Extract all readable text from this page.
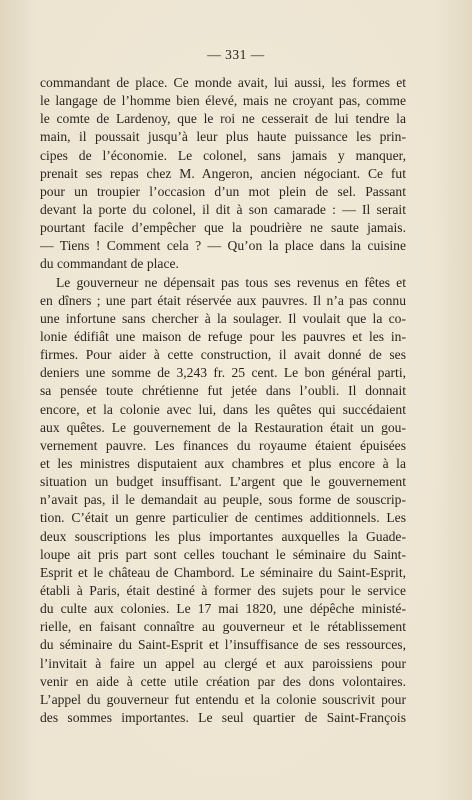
— 331 —
commandant de place. Ce monde avait, lui aussi, les formes et
le langage de l’homme bien élevé, mais ne croyant pas, comme
le comte de Lardenoy, que le roi ne cesserait de lui tendre la
main, il poussait jusqu’à leur plus haute puissance les prin-
cipes de l’économie. Le colonel, sans jamais y manquer,
prenait ses repas chez M. Angeron, ancien négociant. Ce fut
pour un troupier l’occasion d’un mot plein de sel. Passant
devant la porte du colonel, il dit à son camarade : — Il serait
pourtant facile d’empêcher que la poudrière ne saute jamais.
— Tiens ! Comment cela ? — Qu’on la place dans la cuisine
du commandant de place.
Le gouverneur ne dépensait pas tous ses revenus en fêtes et
en dîners ; une part était réservée aux pauvres. Il n’a pas connu
une infortune sans chercher à la soulager. Il voulait que la co-
lonie édifiât une maison de refuge pour les pauvres et les in-
firmes. Pour aider à cette construction, il avait donné de ses
deniers une somme de 3,243 fr. 25 cent. Le bon général parti,
sa pensée toute chrétienne fut jetée dans l’oubli. Il donnait
encore, et la colonie avec lui, dans les quêtes qui succédaient
aux quêtes. Le gouvernement de la Restauration était un gou-
vernement pauvre. Les finances du royaume étaient épuisées
et les ministres disputaient aux chambres et plus encore à la
situation un budget insuffisant. L’argent que le gouvernement
n’avait pas, il le demandait au peuple, sous forme de souscrip-
tion. C’était un genre particulier de centimes additionnels. Les
deux souscriptions les plus importantes auxquelles la Guade-
loupe ait pris part sont celles touchant le séminaire du Saint-
Esprit et le château de Chambord. Le séminaire du Saint-Esprit,
établi à Paris, était destiné à former des sujets pour le service
du culte aux colonies. Le 17 mai 1820, une dépêche ministé-
rielle, en faisant connaître au gouverneur et le rétablissement
du séminaire du Saint-Esprit et l’insuffisance de ses ressources,
l’invitait à faire un appel au clergé et aux paroissiens pour
venir en aide à cette utile création par des dons volontaires.
L’appel du gouverneur fut entendu et la colonie souscrivit pour
des sommes importantes. Le seul quartier de Saint-François
